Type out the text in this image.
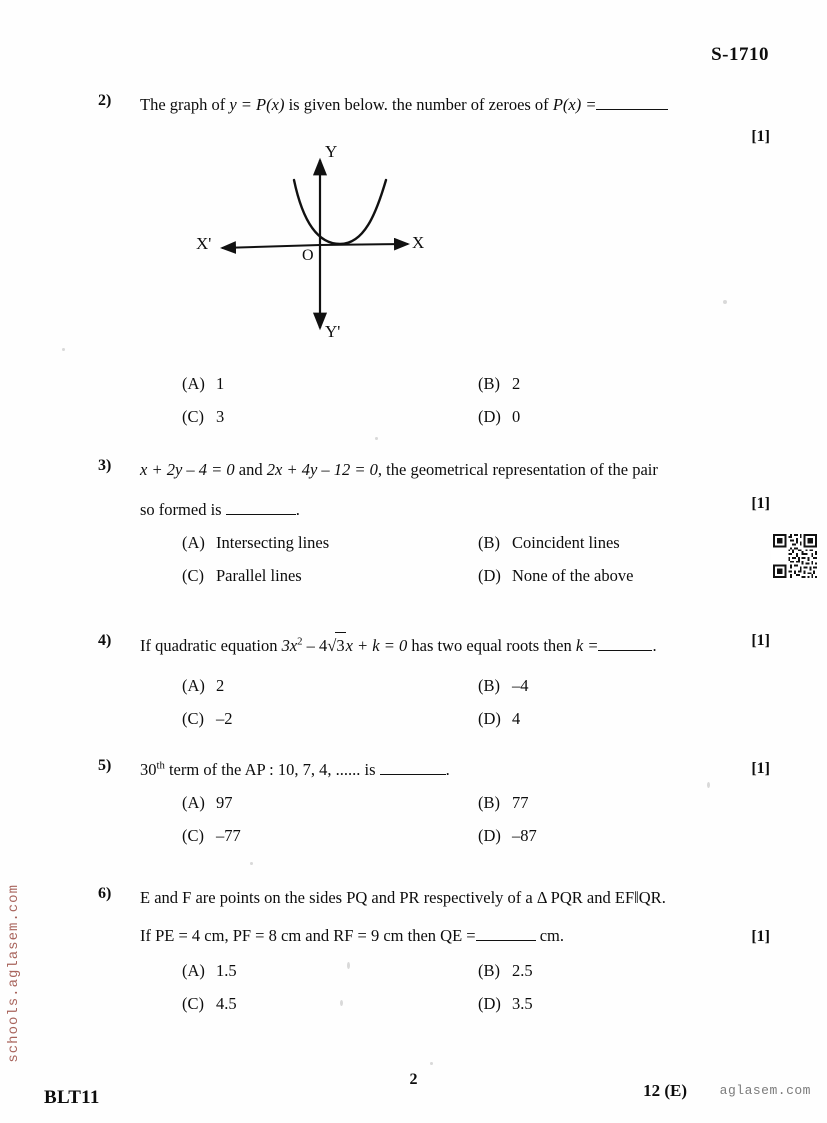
S-1710
2)	The graph of y = P(x) is given below. the number of zeroes of P(x) =
[1]
X
X'
Y
Y'
O
(A) 1	(B) 2
(C) 3	(D) 0
3)	x + 2y – 4 = 0 and 2x + 4y – 12 = 0, the geometrical representation of the pair
so formed is	.	[1]
(A) Intersecting lines	(B) Coincident lines
(C) Parallel lines	(D) None of the above
4)	If quadratic equation $3x^2 - 4√3x + k = 0$ has two equal roots then k =	.	[1]
(A) 2	(B) –4
(C) –2	(D) 4
5)	30th term of the AP : 10, 7, 4, ...... is	.	[1]
(A) 97	(B) 77
(C) –77	(D) –87
6)	E and F are points on the sides PQ and PR respectively of a Δ PQR and EF‖QR.
If PE = 4 cm, PF = 8 cm and RF = 9 cm then QE =	cm.	[1]
(A) 1.5	(B) 2.5
(C) 4.5	(D) 3.5
schools.aglasem.com
BLT11
2
12 (E)	aglasem.com
